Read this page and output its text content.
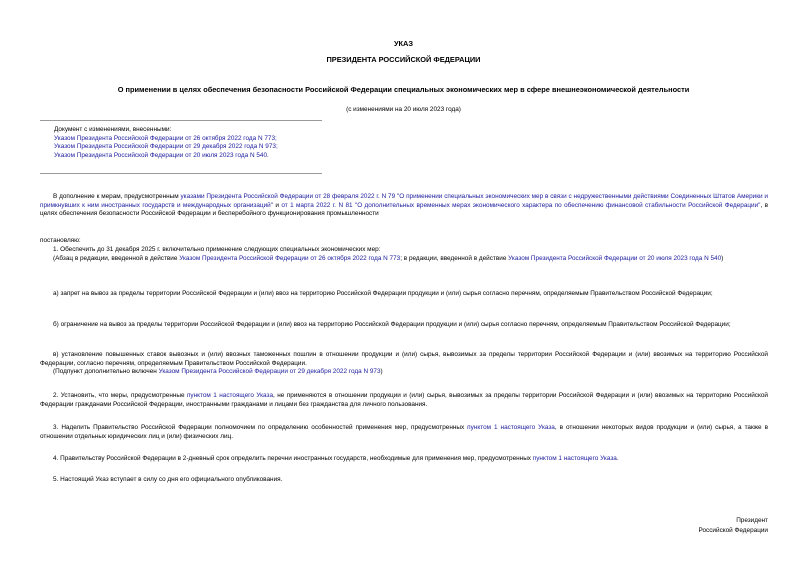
УКАЗ
ПРЕЗИДЕНТА РОССИЙСКОЙ ФЕДЕРАЦИИ
О применении в целях обеспечения безопасности Российской Федерации специальных экономических мер в сфере внешнеэкономической деятельности
(с изменениями на 20 июля 2023 года)
Документ с изменениями, внесенными:
Указом Президента Российской Федерации от 26 октября 2022 года N 773;
Указом Президента Российской Федерации от 29 декабря 2022 года N 973;
Указом Президента Российской Федерации от 20 июля 2023 года N 540.
В дополнение к мерам, предусмотренным указами Президента Российской Федерации от 28 февраля 2022 г. N 79 "О применении специальных экономических мер в связи с недружественными действиями Соединенных Штатов Америки и примкнувших к ним иностранных государств и международных организаций" и от 1 марта 2022 г. N 81 "О дополнительных временных мерах экономического характера по обеспечению финансовой стабильности Российской Федерации", в целях обеспечения безопасности Российской Федерации и бесперебойного функционирования промышленности
постановляю:
1. Обеспечить до 31 декабря 2025 г. включительно применение следующих специальных экономических мер:
(Абзац в редакции, введенной в действие Указом Президента Российской Федерации от 26 октября 2022 года N 773; в редакции, введенной в действие Указом Президента Российской Федерации от 20 июля 2023 года N 540)
а) запрет на вывоз за пределы территории Российской Федерации и (или) ввоз на территорию Российской Федерации продукции и (или) сырья согласно перечням, определяемым Правительством Российской Федерации;
б) ограничение на вывоз за пределы территории Российской Федерации и (или) ввоз на территорию Российской Федерации продукции и (или) сырья согласно перечням, определяемым Правительством Российской Федерации;
в) установление повышенных ставок вывозных и (или) ввозных таможенных пошлин в отношении продукции и (или) сырья, вывозимых за пределы территории Российской Федерации и (или) ввозимых на территорию Российской Федерации, согласно перечням, определяемым Правительством Российской Федерации.
(Подпункт дополнительно включен Указом Президента Российской Федерации от 29 декабря 2022 года N 973)
2. Установить, что меры, предусмотренные пунктом 1 настоящего Указа, не применяются в отношении продукции и (или) сырья, вывозимых за пределы территории Российской Федерации и (или) ввозимых на территорию Российской Федерации гражданами Российской Федерации, иностранными гражданами и лицами без гражданства для личного пользования.
3. Наделить Правительство Российской Федерации полномочием по определению особенностей применения мер, предусмотренных пунктом 1 настоящего Указа, в отношении некоторых видов продукции и (или) сырья, а также в отношении отдельных юридических лиц и (или) физических лиц.
4. Правительству Российской Федерации в 2-дневный срок определить перечни иностранных государств, необходимые для применения мер, предусмотренных пунктом 1 настоящего Указа.
5. Настоящий Указ вступает в силу со дня его официального опубликования.
Президент
Российской Федерации
